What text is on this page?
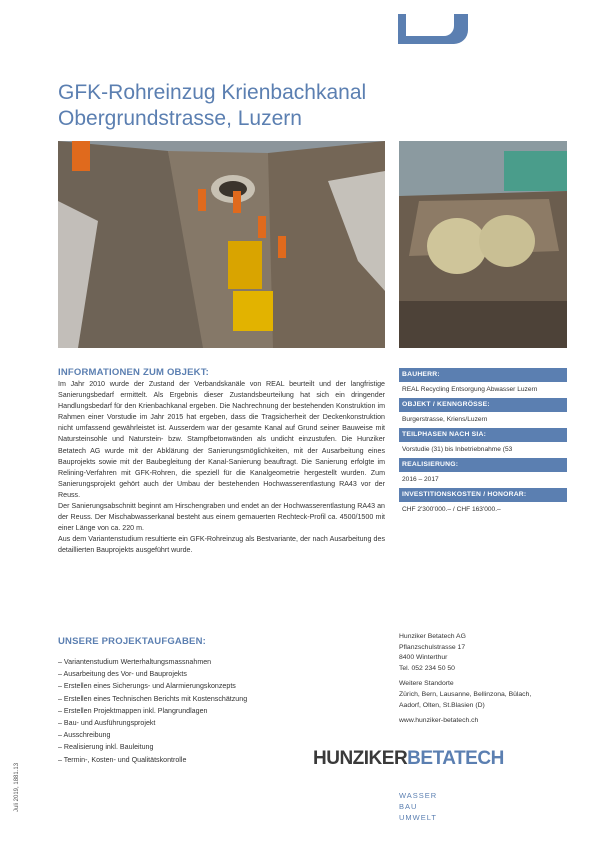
GFK-Rohreinzug Krienbachkanal
Obergrundstrasse, Luzern
INFORMATIONEN ZUM OBJEKT:

Im Jahr 2010 wurde der Zustand der Verbandskanäle von REAL beurteilt und der langfristige Sanierungsbedarf ermittelt. Als Ergebnis dieser Zustandsbeurteilung hat sich ein dringender Handlungsbedarf für den Krienbachkanal ergeben. Die Nachrechnung der bestehenden Konstruktion im Rahmen einer Vorstudie im Jahr 2015 hat ergeben, dass die Tragsicherheit der Deckenkonstruktion nicht umfassend gewährleistet ist. Ausserdem war der gesamte Kanal auf Grund seiner Bauweise mit Natursteinsohle und Naturstein- bzw. Stampfbetonwänden als undicht einzustufen. Die Hunziker Betatech AG wurde mit der Abklärung der Sanierungsmöglichkeiten, mit der Ausarbeitung eines Bauprojekts sowie mit der Baubegleitung der Kanal-Sanierung beauftragt. Die Sanierung erfolgte im Relining-Verfahren mit GFK-Rohren, die speziell für die Kanalgeometrie hergestellt wurden. Zum Sanierungsprojekt gehört auch der Umbau der bestehenden Hochwasserentlastung RA43 vor der Reuss.

Der Sanierungsabschnitt beginnt am Hirschengraben und endet an der Hochwasserentlastung RA43 an der Reuss. Der Mischabwasserkanal besteht aus einem gemauerten Rechteck-Profil ca. 4500/1500 mit einer Länge von ca. 220 m.

Aus dem Variantenstudium resultierte ein GFK-Rohreinzug als Bestvariante, der nach Ausarbeitung des detaillierten Bauprojekts ausgeführt wurde.

BAUHERR:
REAL Recycling Entsorgung Abwasser Luzern
OBJEKT / KENNGRÖSSE:
Burgerstrasse, Kriens/Luzern
TEILPHASEN NACH SIA:
Vorstudie (31) bis Inbetriebnahme (53
REALISIERUNG:
2016 – 2017
INVESTITIONSKOSTEN / HONORAR:
CHF 2'300'000.– / CHF 163'000.–
UNSERE PROJEKTAUFGABEN:
– Variantenstudium Werterhaltungsmassnahmen
– Ausarbeitung des Vor- und Bauprojekts
– Erstellen eines Sicherungs- und Alarmierungskonzepts
– Erstellen eines Technischen Berichts mit Kostenschätzung
– Erstellen Projektmappen inkl. Plangrundlagen
– Bau- und Ausführungsprojekt
– Ausschreibung
– Realisierung inkl. Bauleitung
– Termin-, Kosten- und Qualitätskontrolle
Hunziker Betatech AG
Pflanzschulstrasse 17
8400 Winterthur
Tel. 052 234 50 50
Weitere Standorte
Zürich, Bern, Lausanne, Bellinzona, Bülach,
Aadorf, Olten, St.Blasien (D)
www.hunziker-betatech.ch
HUNZIKERBETATECH
WASSER
BAU
UMWELT
Juli 2019, 1881.13
